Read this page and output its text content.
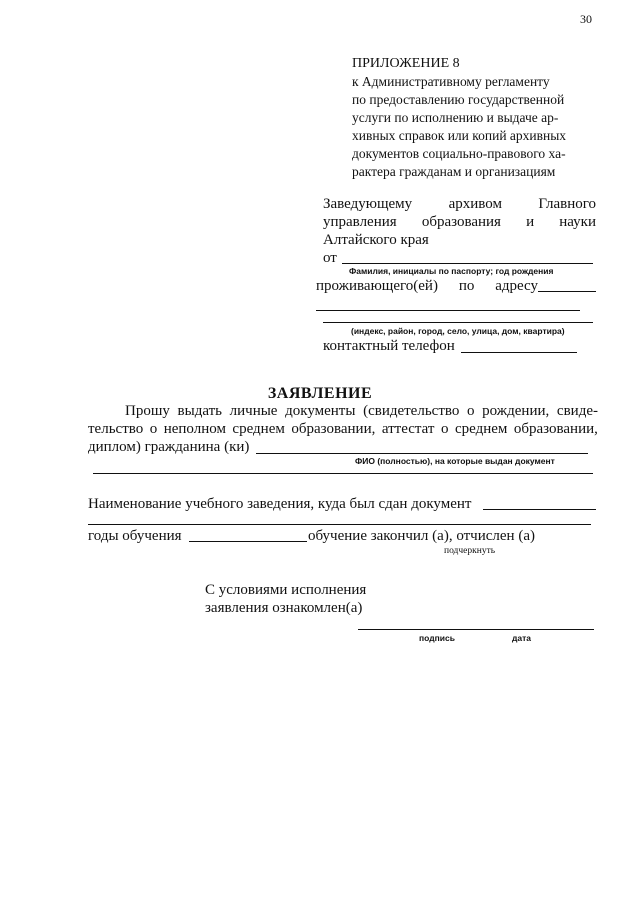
30
ПРИЛОЖЕНИЕ 8
к Административному регламенту
по предоставлению государственной
услуги по исполнению и выдаче ар-
хивных справок или копий архивных
документов социально-правового ха-
рактера гражданам и организациям
Заведующему архивом Главного
управления образования и науки
Алтайского края
от
Фамилия, инициалы по паспорту; год рождения
проживающего(ей) по адресу
(индекс, район, город, село, улица, дом, квартира)
контактный телефон
ЗАЯВЛЕНИЕ
Прошу выдать личные документы (свидетельство о рождении, свиде-
тельство о неполном среднем образовании, аттестат о среднем образовании,
диплом) гражданина (ки)
ФИО (полностью), на которые выдан документ
Наименование учебного заведения, куда был сдан документ
годы обучения	обучение закончил (а), отчислен (а)
подчеркнуть
С условиями исполнения
заявления ознакомлен(а)
подпись	дата
